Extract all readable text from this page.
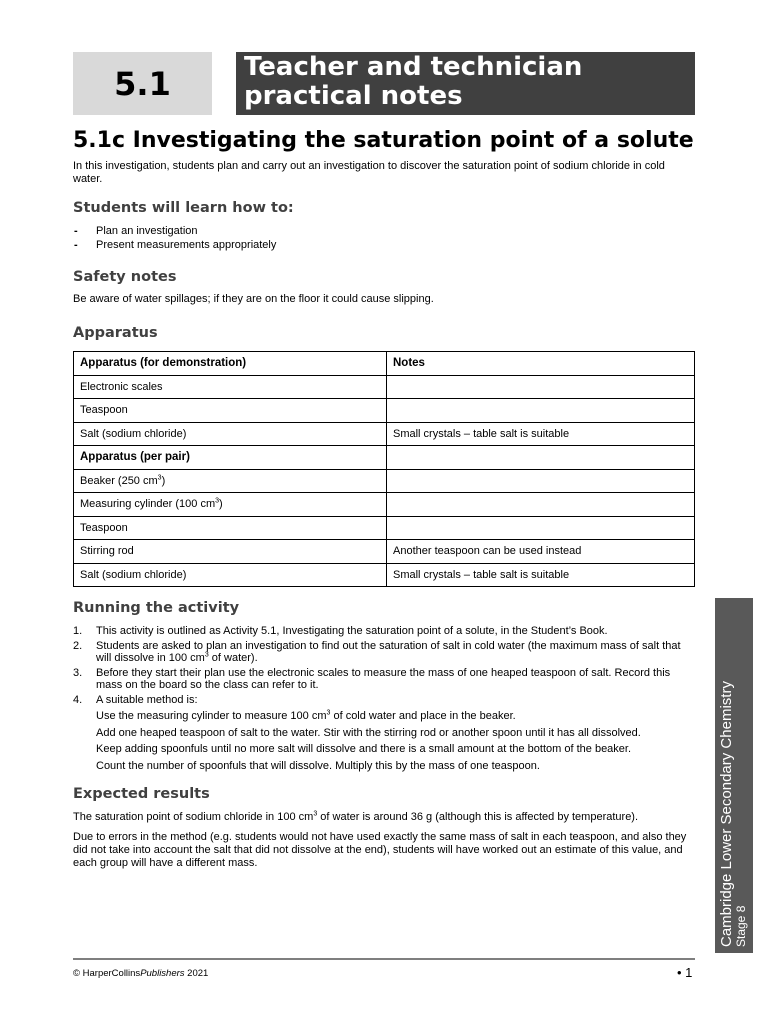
5.1	Teacher and technician
practical notes
5.1c Investigating the saturation point of a solute

In this investigation, students plan and carry out an investigation to discover the saturation point of sodium chloride in cold water.

Students will learn how to:
- Plan an investigation
- Present measurements appropriately
Safety notes

Be aware of water spillages; if they are on the floor it could cause slipping.

Apparatus
Apparatus (for demonstration)	Notes
Electronic scales	
Teaspoon	
Salt (sodium chloride)	Small crystals – table salt is suitable
Apparatus (per pair)	
Beaker (250 $cm^3$)	
Measuring cylinder (100 $cm^3$)	
Teaspoon	
Stirring rod	Another teaspoon can be used instead
Salt (sodium chloride)	Small crystals – table salt is suitable
Running the activity
1. This activity is outlined as Activity 5.1, Investigating the saturation point of a solute, in the Student’s Book.
2. Students are asked to plan an investigation to find out the saturation of salt in cold water (the maximum mass of salt that will dissolve in 100 $cm^3$ of water).
3. Before they start their plan use the electronic scales to measure the mass of one heaped teaspoon of salt. Record this mass on the board so the class can refer to it.
4. A suitable method is:
Use the measuring cylinder to measure 100 $cm^3$ of cold water and place in the beaker.
Add one heaped teaspoon of salt to the water. Stir with the stirring rod or another spoon until it has all dissolved.
Keep adding spoonfuls until no more salt will dissolve and there is a small amount at the bottom of the beaker.
Count the number of spoonfuls that will dissolve. Multiply this by the mass of one teaspoon.
Expected results

The saturation point of sodium chloride in 100 $cm^3$ of water is around 36 g (although this is affected by temperature).

Due to errors in the method (e.g. students would not have used exactly the same mass of salt in each teaspoon, and also they did not take into account the salt that did not dissolve at the end), students will have worked out an estimate of this value, and each group will have a different mass.

© HarperCollinsPublishers 2021	• 1
Cambridge Lower Secondary Chemistry Stage 8
